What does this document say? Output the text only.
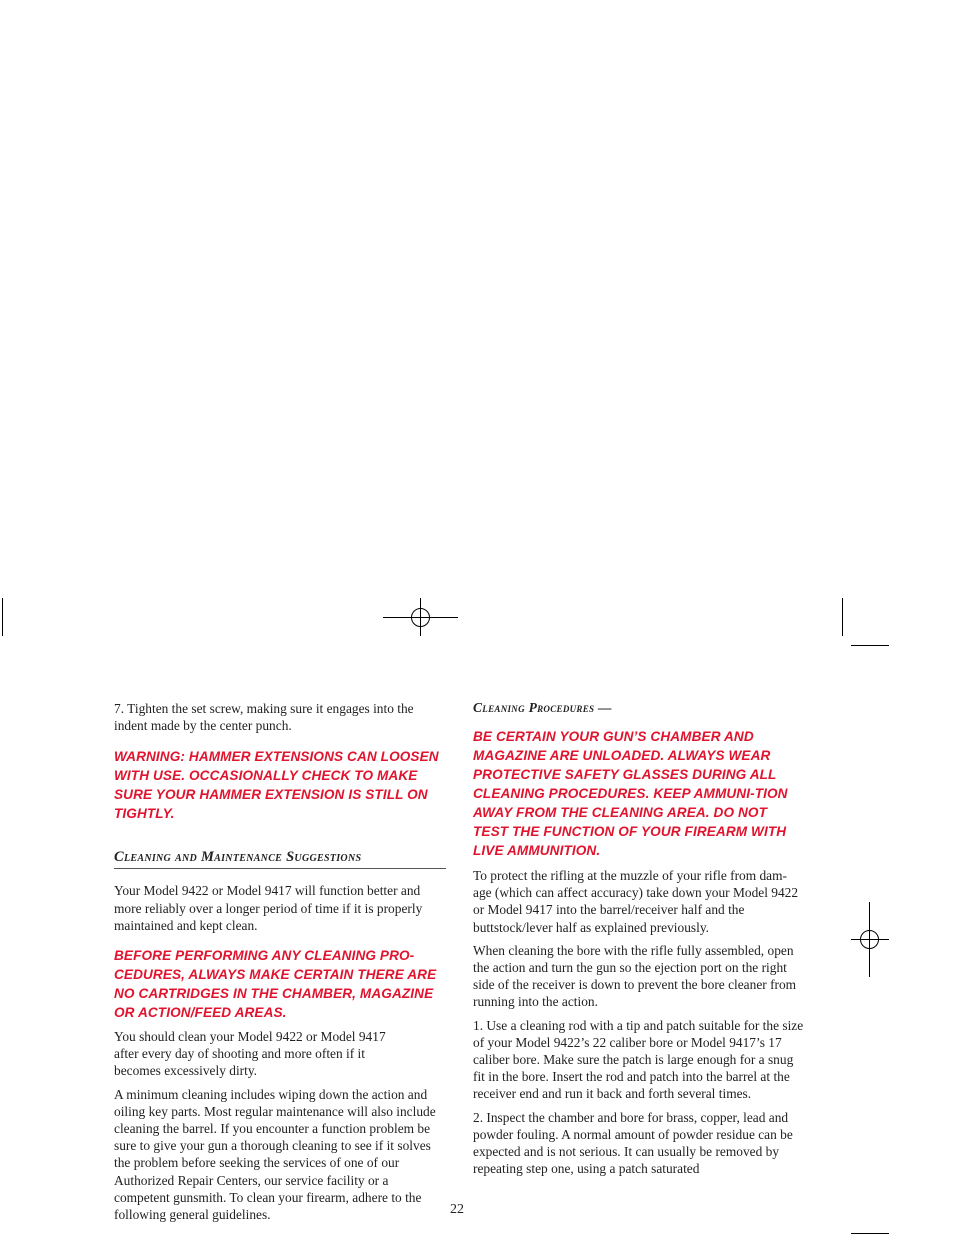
7. Tighten the set screw, making sure it engages into the indent made by the center punch.

WARNING: HAMMER EXTENSIONS CAN LOOSEN WITH USE. OCCASIONALLY CHECK TO MAKE SURE YOUR HAMMER EXTENSION IS STILL ON TIGHTLY.

Cleaning and Maintenance Suggestions

Your Model 9422 or Model 9417 will function better and more reliably over a longer period of time if it is properly maintained and kept clean.

BEFORE PERFORMING ANY CLEANING PRO-CEDURES, ALWAYS MAKE CERTAIN THERE ARE NO CARTRIDGES IN THE CHAMBER, MAGAZINE OR ACTION/FEED AREAS.

You should clean your Model 9422 or Model 9417 after every day of shooting and more often if it becomes excessively dirty.

A minimum cleaning includes wiping down the action and oiling key parts. Most regular maintenance will also include cleaning the barrel. If you encounter a function problem be sure to give your gun a thorough cleaning to see if it solves the problem before seeking the services of one of our Authorized Repair Centers, our service facility or a competent gunsmith. To clean your firearm, adhere to the following general guidelines.

Cleaning Procedures —

BE CERTAIN YOUR GUN’S CHAMBER AND MAGAZINE ARE UNLOADED. ALWAYS WEAR PROTECTIVE SAFETY GLASSES DURING ALL CLEANING PROCEDURES. KEEP AMMUNI-TION AWAY FROM THE CLEANING AREA. DO NOT TEST THE FUNCTION OF YOUR FIREARM WITH LIVE AMMUNITION.

To protect the rifling at the muzzle of your rifle from dam-age (which can affect accuracy) take down your Model 9422 or Model 9417 into the barrel/receiver half and the buttstock/lever half as explained previously.

When cleaning the bore with the rifle fully assembled, open the action and turn the gun so the ejection port on the right side of the receiver is down to prevent the bore cleaner from running into the action.

1. Use a cleaning rod with a tip and patch suitable for the size of your Model 9422’s 22 caliber bore or Model 9417’s 17 caliber bore. Make sure the patch is large enough for a snug fit in the bore. Insert the rod and patch into the barrel at the receiver end and run it back and forth several times.

2. Inspect the chamber and bore for brass, copper, lead and powder fouling. A normal amount of powder residue can be expected and is not serious. It can usually be removed by repeating step one, using a patch saturated

22
